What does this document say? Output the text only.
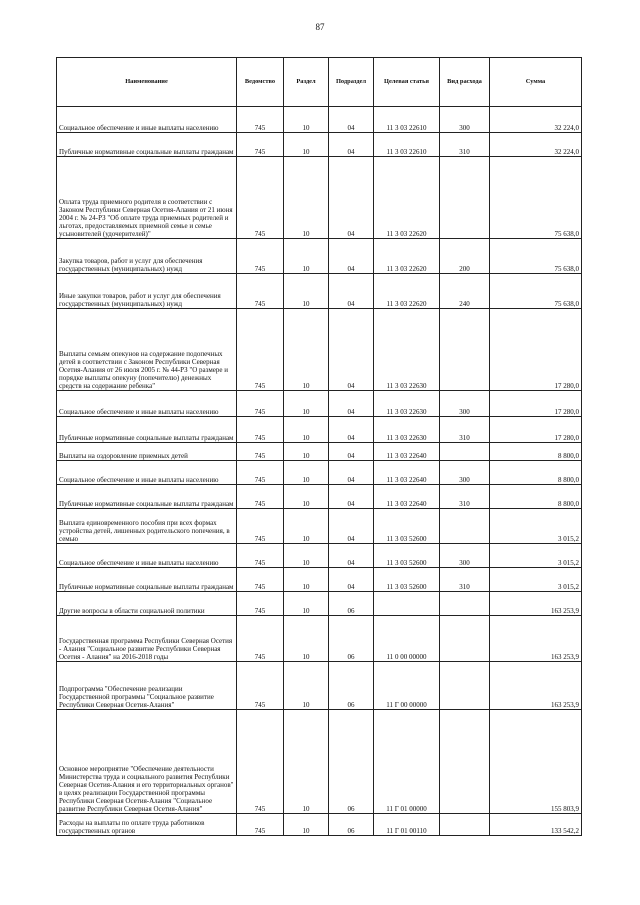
87
Наименование	Ведомство	Раздел	Подраздел	Целевая статья	Вид расхода	Сумма
Социальное обеспечение и иные выплаты населению	745	10	04	11 3 03 22610	300	32 224,0
Публичные нормативные социальные выплаты гражданам	745	10	04	11 3 03 22610	310	32 224,0
Оплата труда приемного родителя в соответствии с Законом Республики Северная Осетия-Алания от 21 июня 2004 г. № 24-РЗ "Об оплате труда приемных родителей и льготах, предоставляемых приемной семье и семье усыновителей (удочерителей)"	745	10	04	11 3 03 22620		75 638,0
Закупка товаров, работ и услуг для обеспечения государственных (муниципальных) нужд	745	10	04	11 3 03 22620	200	75 638,0
Иные закупки товаров, работ и услуг для обеспечения государственных (муниципальных) нужд	745	10	04	11 3 03 22620	240	75 638,0
Выплаты семьям опекунов на содержание подопечных детей в соответствии с Законом Республики Северная Осетия-Алания от 26 июля 2005 г. № 44-РЗ "О размере и порядке выплаты опекуну (попечителю) денежных средств на содержание ребенка"	745	10	04	11 3 03 22630		17 280,0
Социальное обеспечение и иные выплаты населению	745	10	04	11 3 03 22630	300	17 280,0
Публичные нормативные социальные выплаты гражданам	745	10	04	11 3 03 22630	310	17 280,0
Выплаты на оздоровление приемных детей	745	10	04	11 3 03 22640		8 800,0
Социальное обеспечение и иные выплаты населению	745	10	04	11 3 03 22640	300	8 800,0
Публичные нормативные социальные выплаты гражданам	745	10	04	11 3 03 22640	310	8 800,0
Выплата единовременного пособия при всех формах устройства детей, лишенных родительского попечения, в семью	745	10	04	11 3 03 52600		3 015,2
Социальное обеспечение и иные выплаты населению	745	10	04	11 3 03 52600	300	3 015,2
Публичные нормативные социальные выплаты гражданам	745	10	04	11 3 03 52600	310	3 015,2
Другие вопросы в области социальной политики	745	10	06			163 253,9
Государственная программа Республики Северная Осетия - Алания "Социальное развитие Республики Северная Осетия - Алания" на 2016-2018 годы	745	10	06	11 0 00 00000		163 253,9
Подпрограмма "Обеспечение реализации Государственной программы "Социальное развитие Республики Северная Осетия-Алания"	745	10	06	11 Г 00 00000		163 253,9
Основное мероприятие "Обеспечение деятельности Министерства труда и социального развития Республики Северная Осетия-Алания и его территориальных органов" в целях реализации Государственной программы Республики Северная Осетия-Алания "Социальное развитие Республики Северная Осетия-Алания"	745	10	06	11 Г 01 00000		155 803,9
Расходы на выплаты по оплате труда работников государственных органов	745	10	06	11 Г 01 00110		133 542,2
